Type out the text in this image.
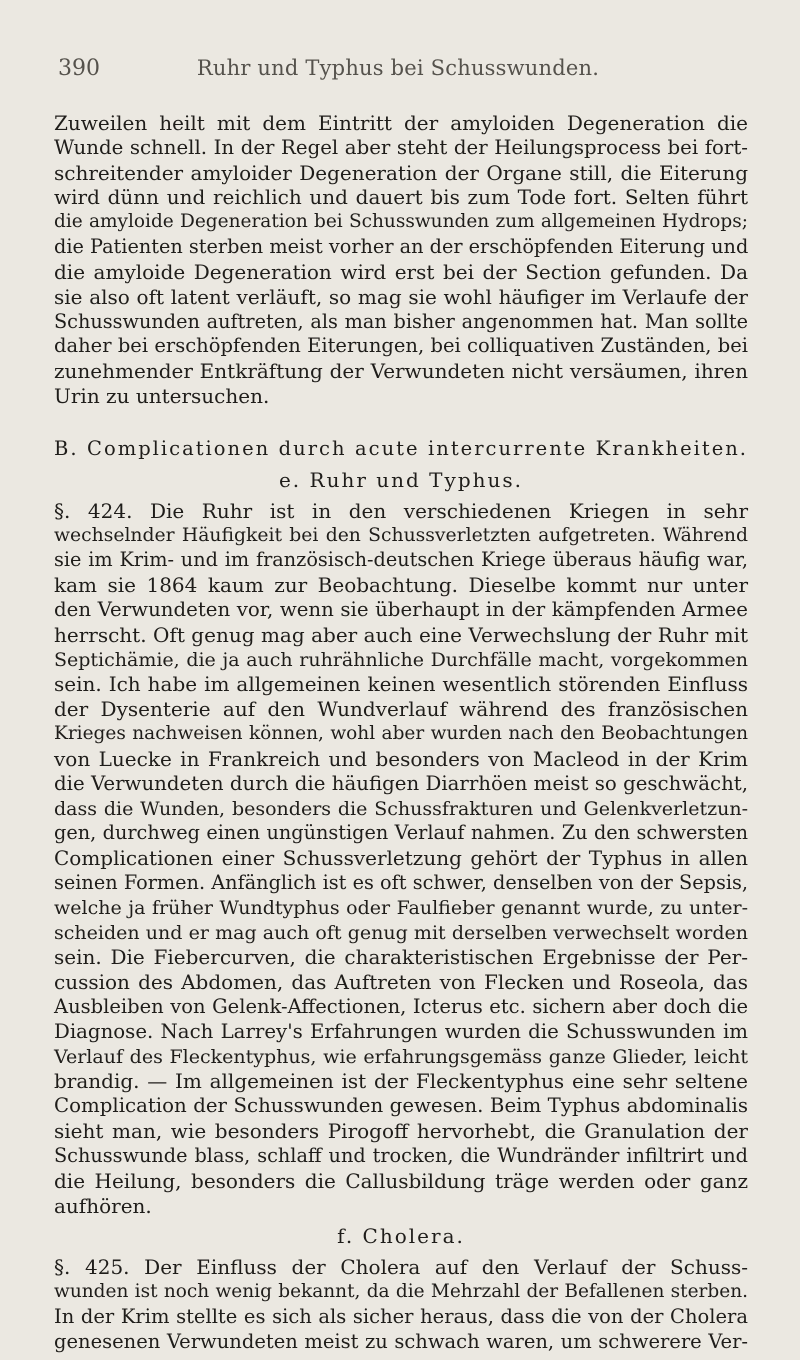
390	Ruhr und Typhus bei Schusswunden.
Zuweilen heilt mit dem Eintritt der amyloiden Degeneration die
Wunde schnell. In der Regel aber steht der Heilungsprocess bei fort-
schreitender amyloider Degeneration der Organe still, die Eiterung
wird dünn und reichlich und dauert bis zum Tode fort. Selten führt
die amyloide Degeneration bei Schusswunden zum allgemeinen Hydrops;
die Patienten sterben meist vorher an der erschöpfenden Eiterung und
die amyloide Degeneration wird erst bei der Section gefunden. Da
sie also oft latent verläuft, so mag sie wohl häufiger im Verlaufe der
Schusswunden auftreten, als man bisher angenommen hat. Man sollte
daher bei erschöpfenden Eiterungen, bei colliquativen Zuständen, bei
zunehmender Entkräftung der Verwundeten nicht versäumen, ihren
Urin zu untersuchen.
B. Complicationen durch acute intercurrente Krankheiten.
e. Ruhr und Typhus.
§. 424. Die Ruhr ist in den verschiedenen Kriegen in sehr
wechselnder Häufigkeit bei den Schussverletzten aufgetreten. Während
sie im Krim- und im französisch-deutschen Kriege überaus häufig war,
kam sie 1864 kaum zur Beobachtung. Dieselbe kommt nur unter
den Verwundeten vor, wenn sie überhaupt in der kämpfenden Armee
herrscht. Oft genug mag aber auch eine Verwechslung der Ruhr mit
Septichämie, die ja auch ruhrähnliche Durchfälle macht, vorgekommen
sein. Ich habe im allgemeinen keinen wesentlich störenden Einfluss
der Dysenterie auf den Wundverlauf während des französischen
Krieges nachweisen können, wohl aber wurden nach den Beobachtungen
von Luecke in Frankreich und besonders von Macleod in der Krim
die Verwundeten durch die häufigen Diarrhöen meist so geschwächt,
dass die Wunden, besonders die Schussfrakturen und Gelenkverletzun-
gen, durchweg einen ungünstigen Verlauf nahmen. Zu den schwersten
Complicationen einer Schussverletzung gehört der Typhus in allen
seinen Formen. Anfänglich ist es oft schwer, denselben von der Sepsis,
welche ja früher Wundtyphus oder Faulfieber genannt wurde, zu unter-
scheiden und er mag auch oft genug mit derselben verwechselt worden
sein. Die Fiebercurven, die charakteristischen Ergebnisse der Per-
cussion des Abdomen, das Auftreten von Flecken und Roseola, das
Ausbleiben von Gelenk-Affectionen, Icterus etc. sichern aber doch die
Diagnose. Nach Larrey's Erfahrungen wurden die Schusswunden im
Verlauf des Fleckentyphus, wie erfahrungsgemäss ganze Glieder, leicht
brandig. — Im allgemeinen ist der Fleckentyphus eine sehr seltene
Complication der Schusswunden gewesen. Beim Typhus abdominalis
sieht man, wie besonders Pirogoff hervorhebt, die Granulation der
Schusswunde blass, schlaff und trocken, die Wundränder infiltrirt und
die Heilung, besonders die Callusbildung träge werden oder ganz
aufhören.
f. Cholera.
§. 425. Der Einfluss der Cholera auf den Verlauf der Schuss-
wunden ist noch wenig bekannt, da die Mehrzahl der Befallenen sterben.
In der Krim stellte es sich als sicher heraus, dass die von der Cholera
genesenen Verwundeten meist zu schwach waren, um schwerere Ver-
